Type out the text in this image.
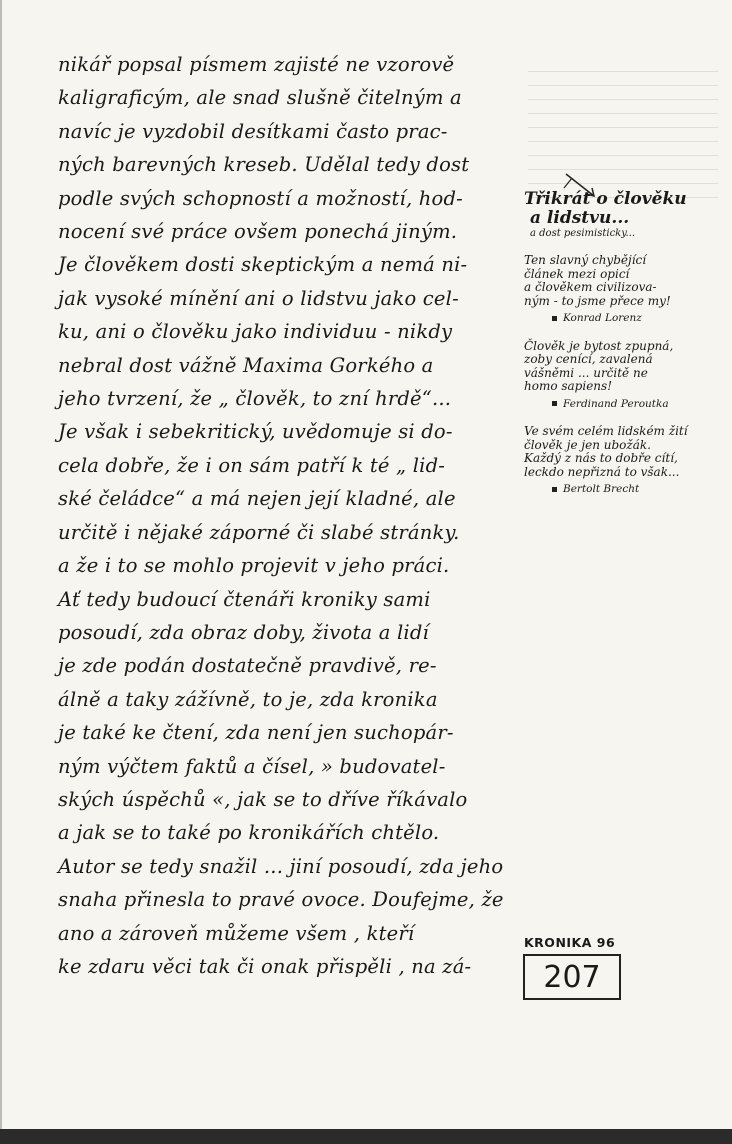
nikář popsal písmem zajisté ne vzorově
kaligraficým, ale snad slušně čitelným a
navíc je vyzdobil desítkami často prac-
ných barevných kreseb. Udělal tedy dost
podle svých schopností a možností, hod-
nocení své práce ovšem ponechá jiným.
Je člověkem dosti skeptickým a nemá ni-
jak vysoké mínění ani o lidstvu jako cel-
ku, ani o člověku jako individuu - nikdy
nebral dost vážně Maxima Gorkého a
jeho tvrzení, že „ člověk, to zní hrdě“...
Je však i sebekritický, uvědomuje si do-
cela dobře, že i on sám patří k té „ lid-
ské čeládce“ a má nejen její kladné, ale
určitě i nějaké záporné či slabé stránky.
a že i to se mohlo projevit v jeho práci.
Ať tedy budoucí čtenáři kroniky sami
posoudí, zda obraz doby, života a lidí
je zde podán dostatečně pravdivě, re-
álně a taky zážívně, to je, zda kronika
je také ke čtení, zda není jen suchopár-
ným výčtem faktů a čísel, » budovatel-
ských úspěchů «, jak se to dříve říkávalo
a jak se to také po kronikářích chtělo.
Autor se tedy snažil ... jiní posoudí, zda jeho
snaha přinesla to pravé ovoce. Doufejme, že
ano a zároveň můžeme všem , kteří
ke zdaru věci tak či onak přispěli , na zá-
Třikrát o člověku
a lidstvu...
a dost pesimisticky...
Ten slavný chybějící
článek mezi opicí
a člověkem civilizova-
ným - to jsme přece my!
Konrad Lorenz
Člověk je bytost zpupná,
zoby cenící, zavalená
vášněmi ... určitě ne
homo sapiens!
Ferdinand Peroutka
Ve svém celém lidském žití
člověk je jen ubožák.
Každý z nás to dobře cítí,
leckdo nepřizná to však...
Bertolt Brecht
KRONIKA 96
207
